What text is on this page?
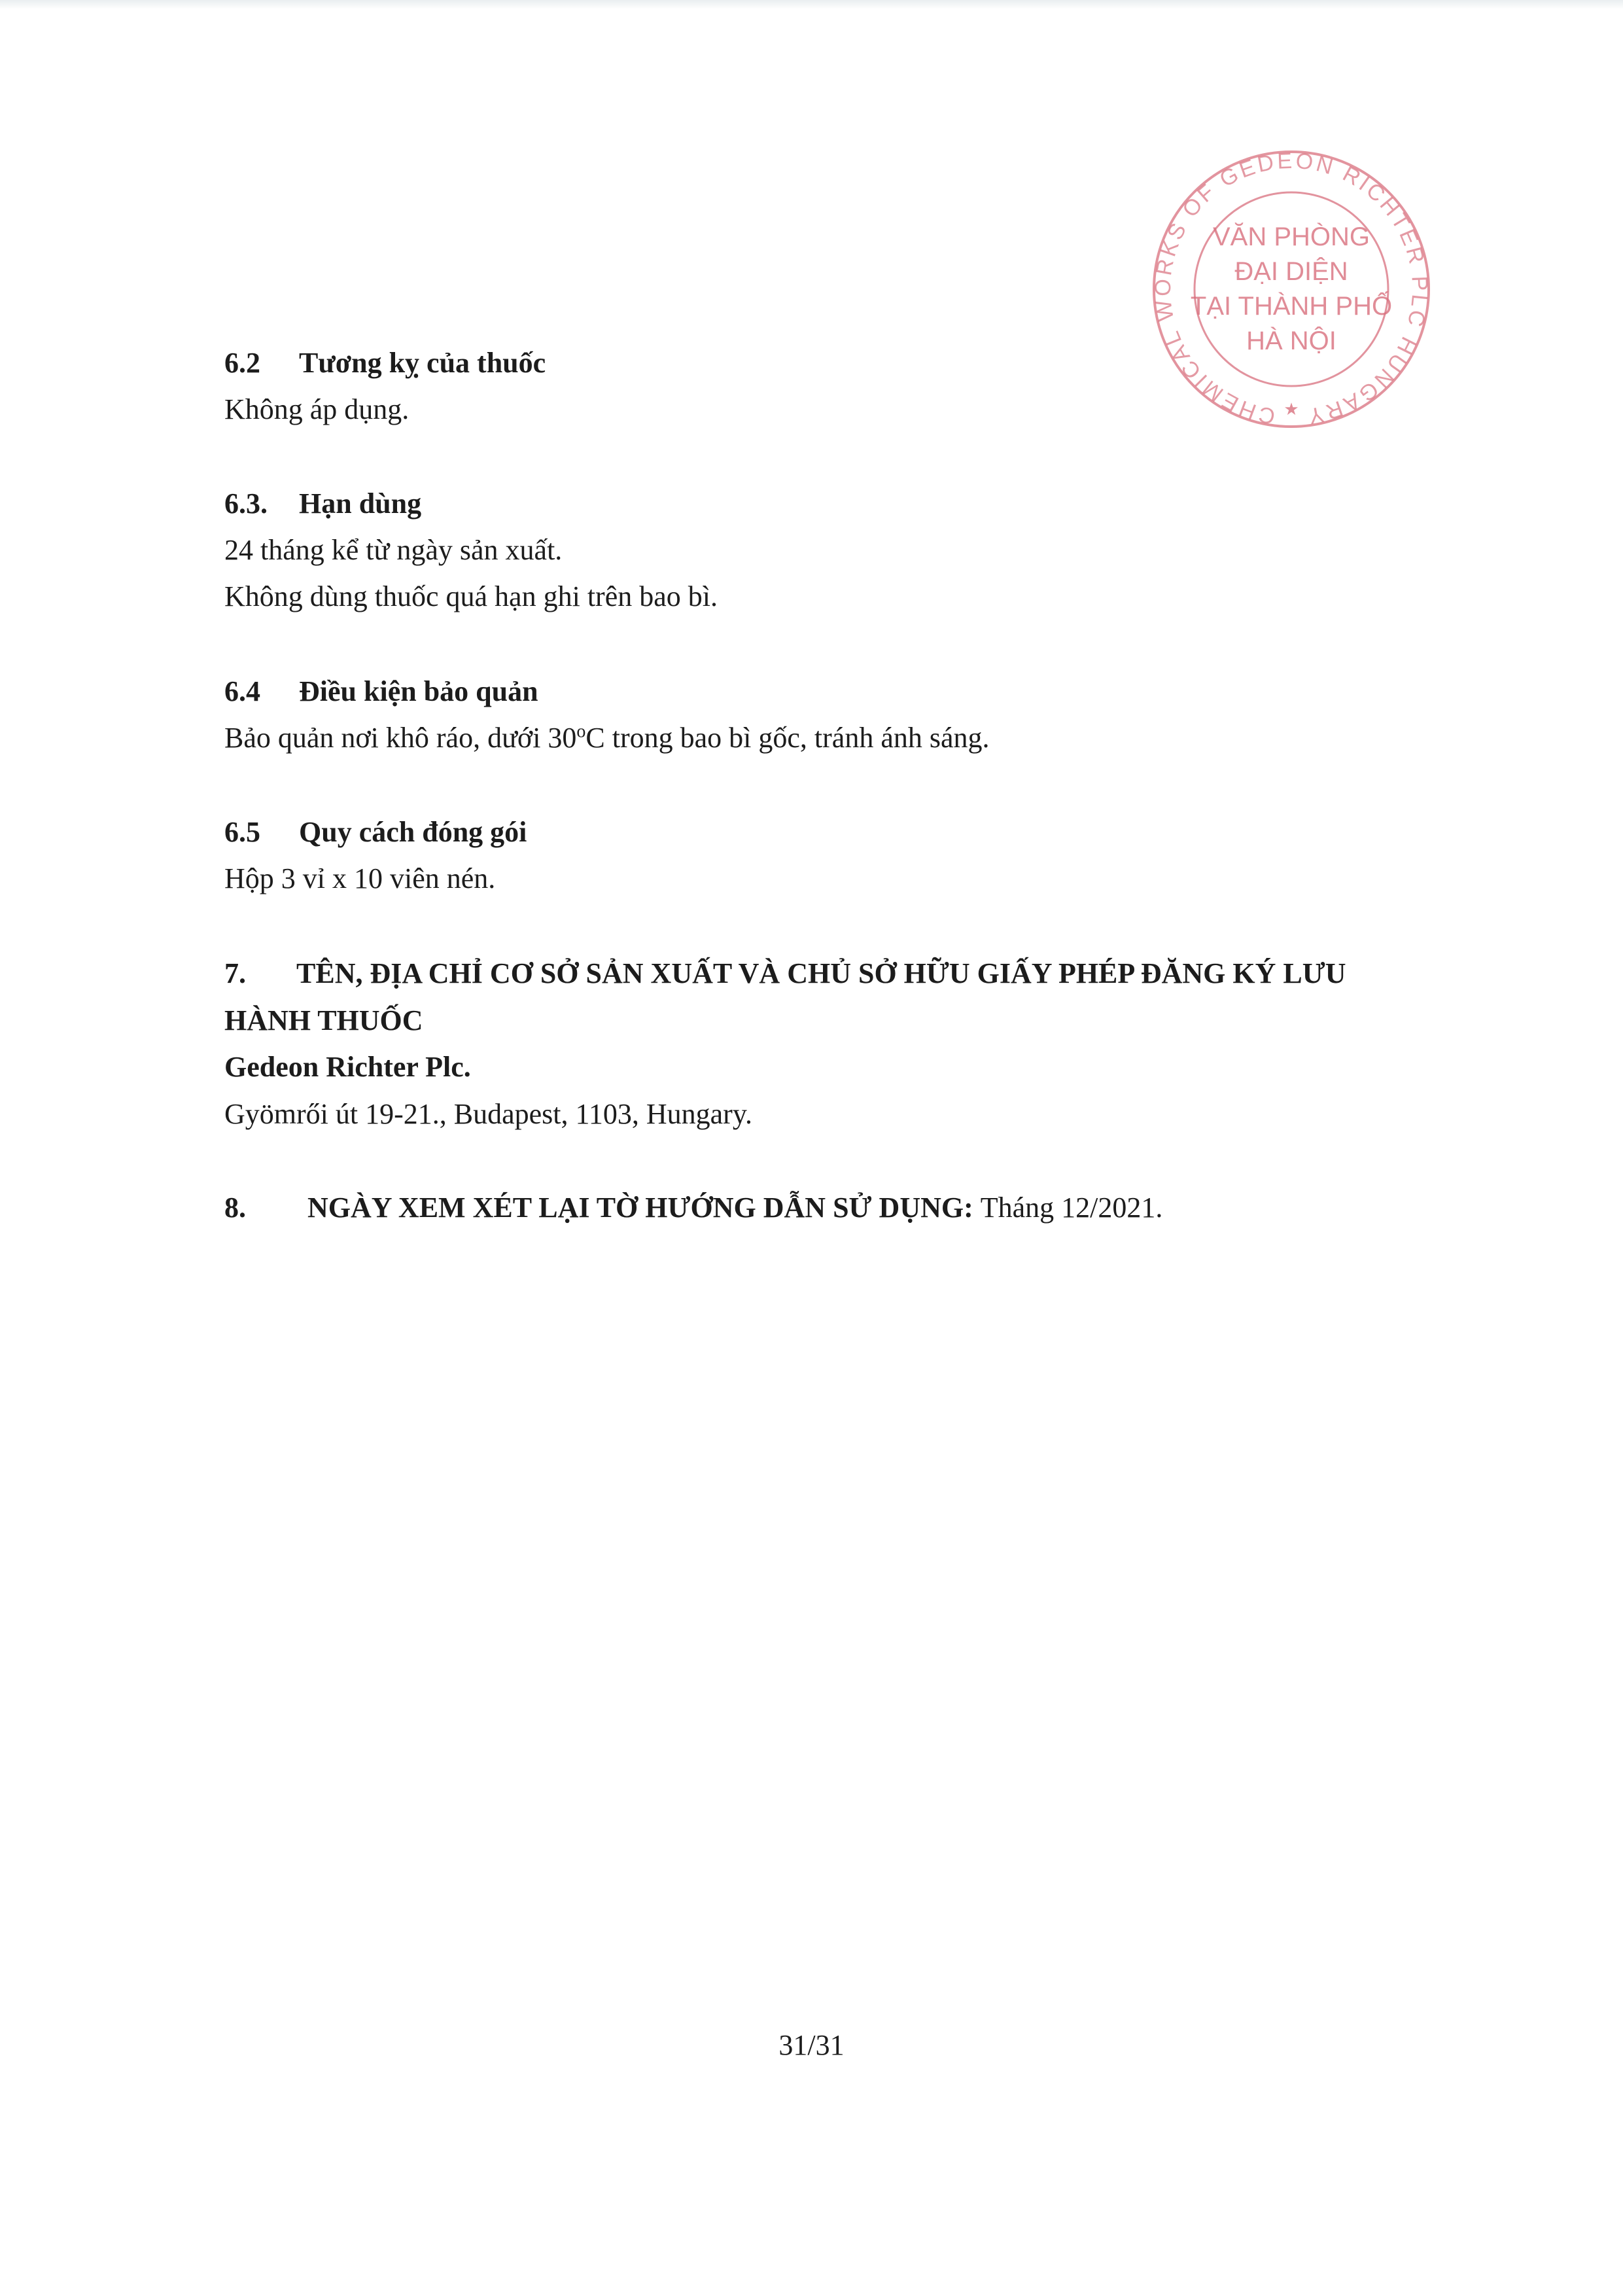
CHEMICAL WORKS OF GEDEON RICHTER PLC HUNGARY
VĂN PHÒNG
ĐẠI DIỆN
TẠI THÀNH PHỐ
HÀ NỘI
★
6.2 Tương kỵ của thuốc
Không áp dụng.
6.3. Hạn dùng
24 tháng kể từ ngày sản xuất.
Không dùng thuốc quá hạn ghi trên bao bì.
6.4 Điều kiện bảo quản
Bảo quản nơi khô ráo, dưới 30$^o$C trong bao bì gốc, tránh ánh sáng.
6.5 Quy cách đóng gói
Hộp 3 vỉ x 10 viên nén.
7. TÊN, ĐỊA CHỈ CƠ SỞ SẢN XUẤT VÀ CHỦ SỞ HỮU GIẤY PHÉP ĐĂNG KÝ LƯU
HÀNH THUỐC
Gedeon Richter Plc.
Gyömrői út 19-21., Budapest, 1103, Hungary.
8. NGÀY XEM XÉT LẠI TỜ HƯỚNG DẪN SỬ DỤNG: Tháng 12/2021.
31/31
